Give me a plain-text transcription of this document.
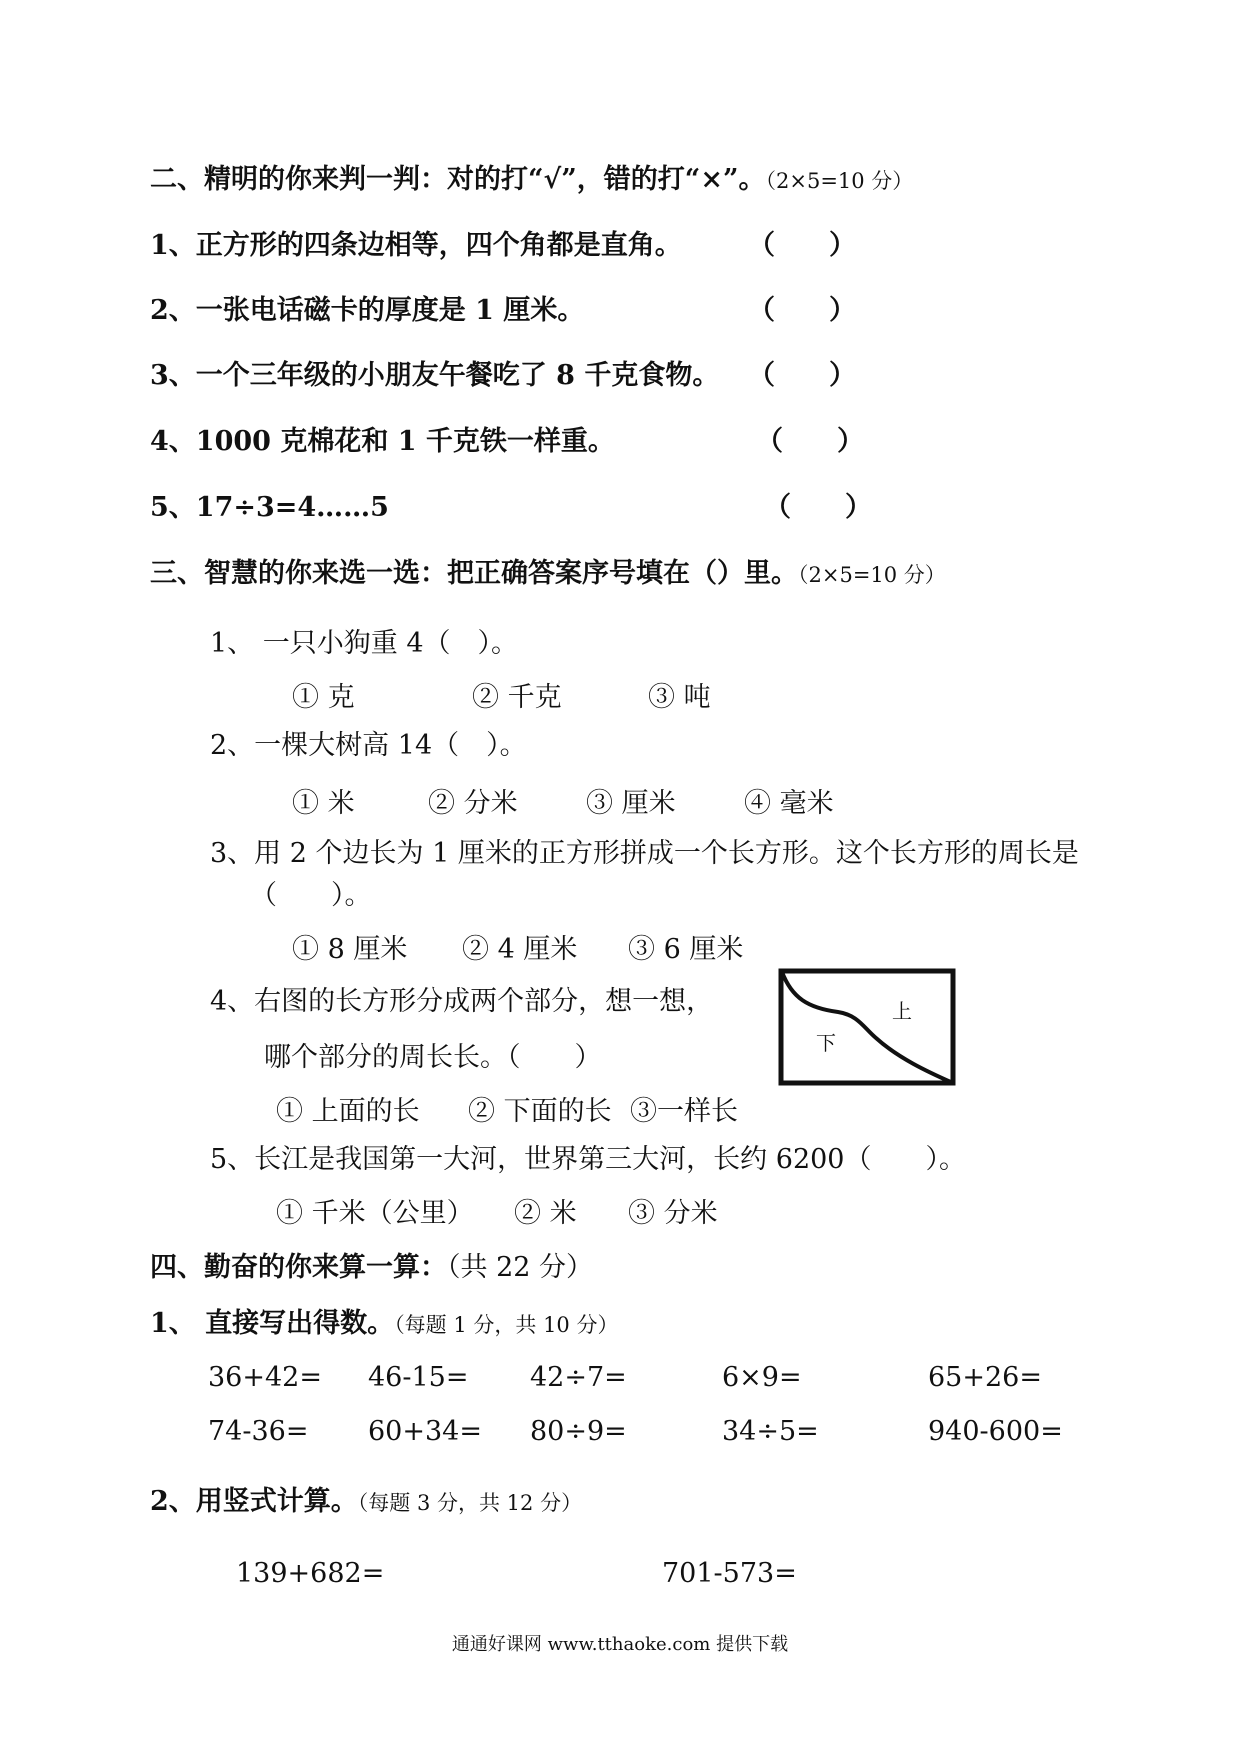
二、精明的你来判一判：对的打“√”，错的打“×”。（2×5=10 分）
1、正方形的四条边相等，四个角都是直角。 （　　）
2、一张电话磁卡的厚度是 1 厘米。	（　　）
3、一个三年级的小朋友午餐吃了 8 千克食物。 （　　）
4、1000 克棉花和 1 千克铁一样重。	（　　）
5、17÷3=4……5	（　　）
三、智慧的你来选一选：把正确答案序号填在（）里。（2×5=10 分）
1、 一只小狗重 4（　）。
① 克	② 千克	③ 吨
2、一棵大树高 14（　）。
① 米	② 分米	③ 厘米	④ 毫米
3、用 2 个边长为 1 厘米的正方形拼成一个长方形。这个长方形的周长是
（　　）。
① 8 厘米 ② 4 厘米 ③ 6 厘米
4、右图的长方形分成两个部分，想一想，
哪个部分的周长长。（　　）
① 上面的长 ② 下面的长 ③一样长
上
下
5、长江是我国第一大河，世界第三大河，长约 6200（　　）。
① 千米（公里） ② 米 ③ 分米
四、勤奋的你来算一算：（共 22 分）
1、 直接写出得数。（每题 1 分，共 10 分）
36+42= 46-15= 42÷7=	6×9=	65+26=
74-36= 60+34= 80÷9=	34÷5=	940-600=
2、用竖式计算。（每题 3 分，共 12 分）
139+682=	701-573=
通通好课网 www.tthaoke.com 提供下载
